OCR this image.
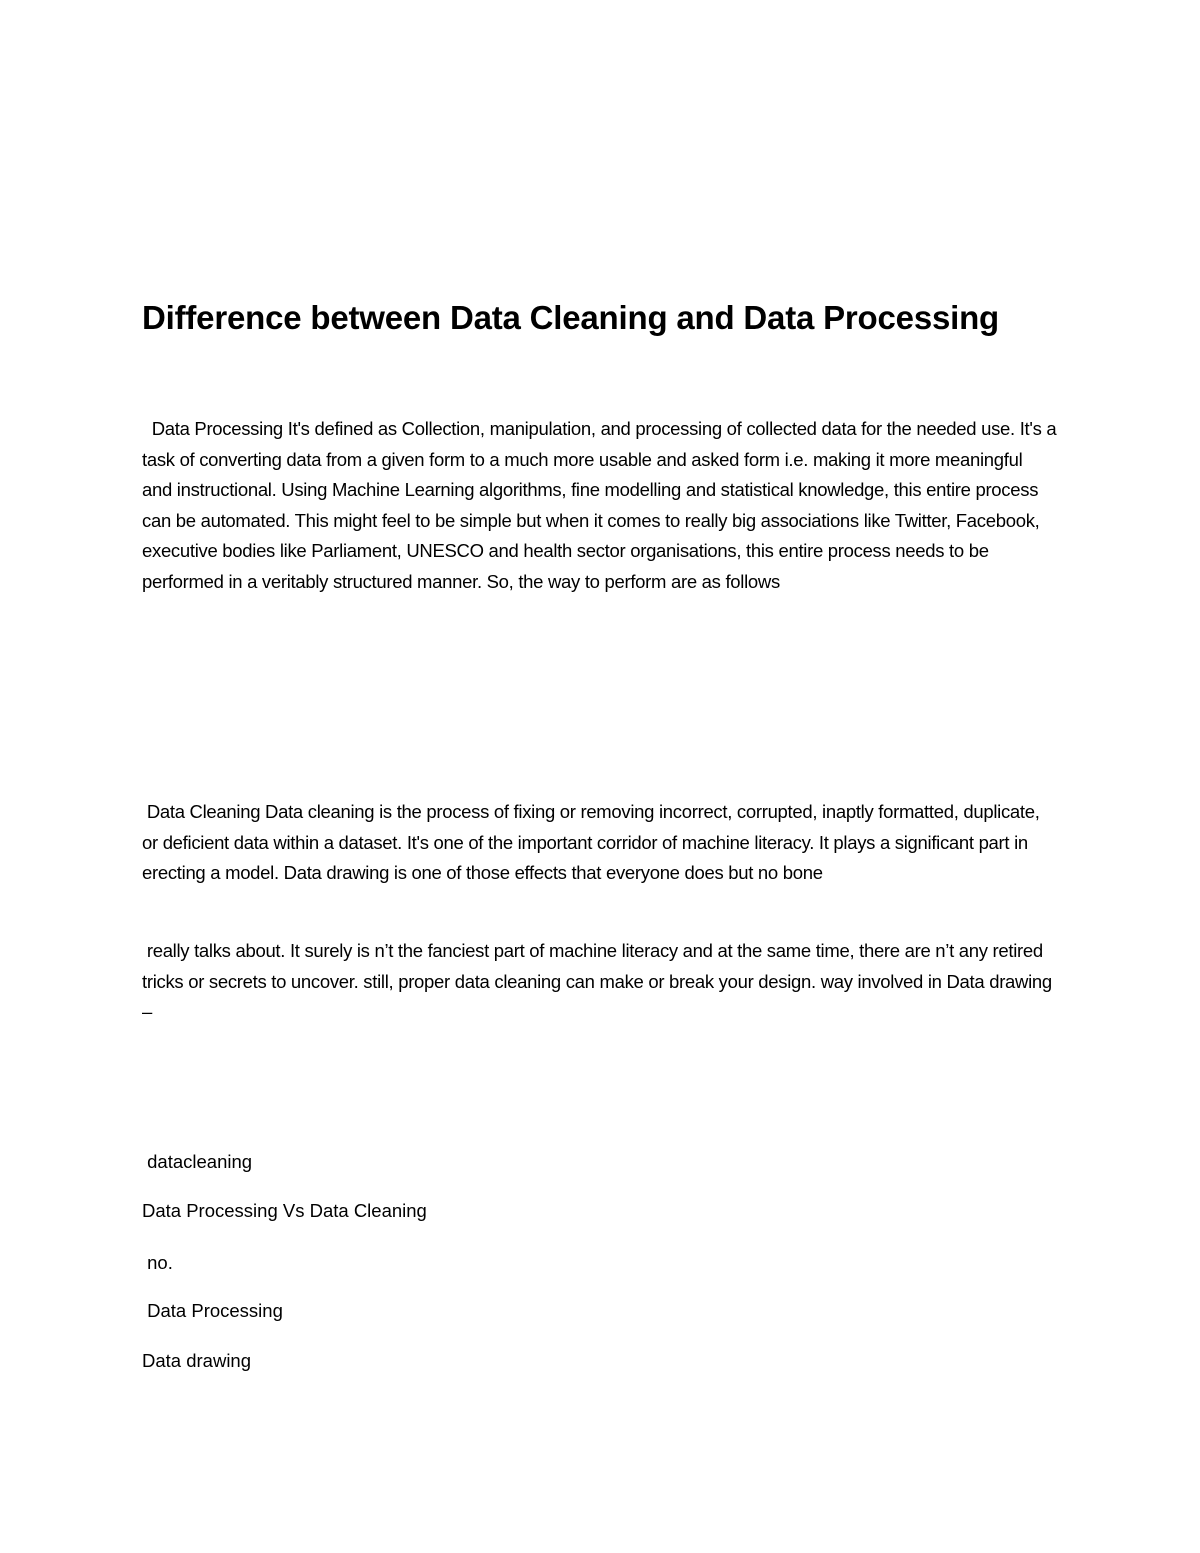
Difference between Data Cleaning and Data Processing

Data Processing It's defined as Collection, manipulation, and processing of collected data for the needed use. It's a task of converting data from a given form to a much more usable and asked form i.e. making it more meaningful and instructional. Using Machine Learning algorithms, fine modelling and statistical knowledge, this entire process can be automated. This might feel to be simple but when it comes to really big associations like Twitter, Facebook, executive bodies like Parliament, UNESCO and health sector organisations, this entire process needs to be performed in a veritably structured manner. So, the way to perform are as follows

Data Cleaning Data cleaning is the process of fixing or removing incorrect, corrupted, inaptly formatted, duplicate, or deficient data within a dataset. It's one of the important corridor of machine literacy. It plays a significant part in erecting a model. Data drawing is one of those effects that everyone does but no bone

really talks about. It surely is n’t the fanciest part of machine literacy and at the same time, there are n’t any retired tricks or secrets to uncover. still, proper data cleaning can make or break your design. way involved in Data drawing –

datacleaning

Data Processing Vs Data Cleaning

no.

Data Processing

Data drawing
